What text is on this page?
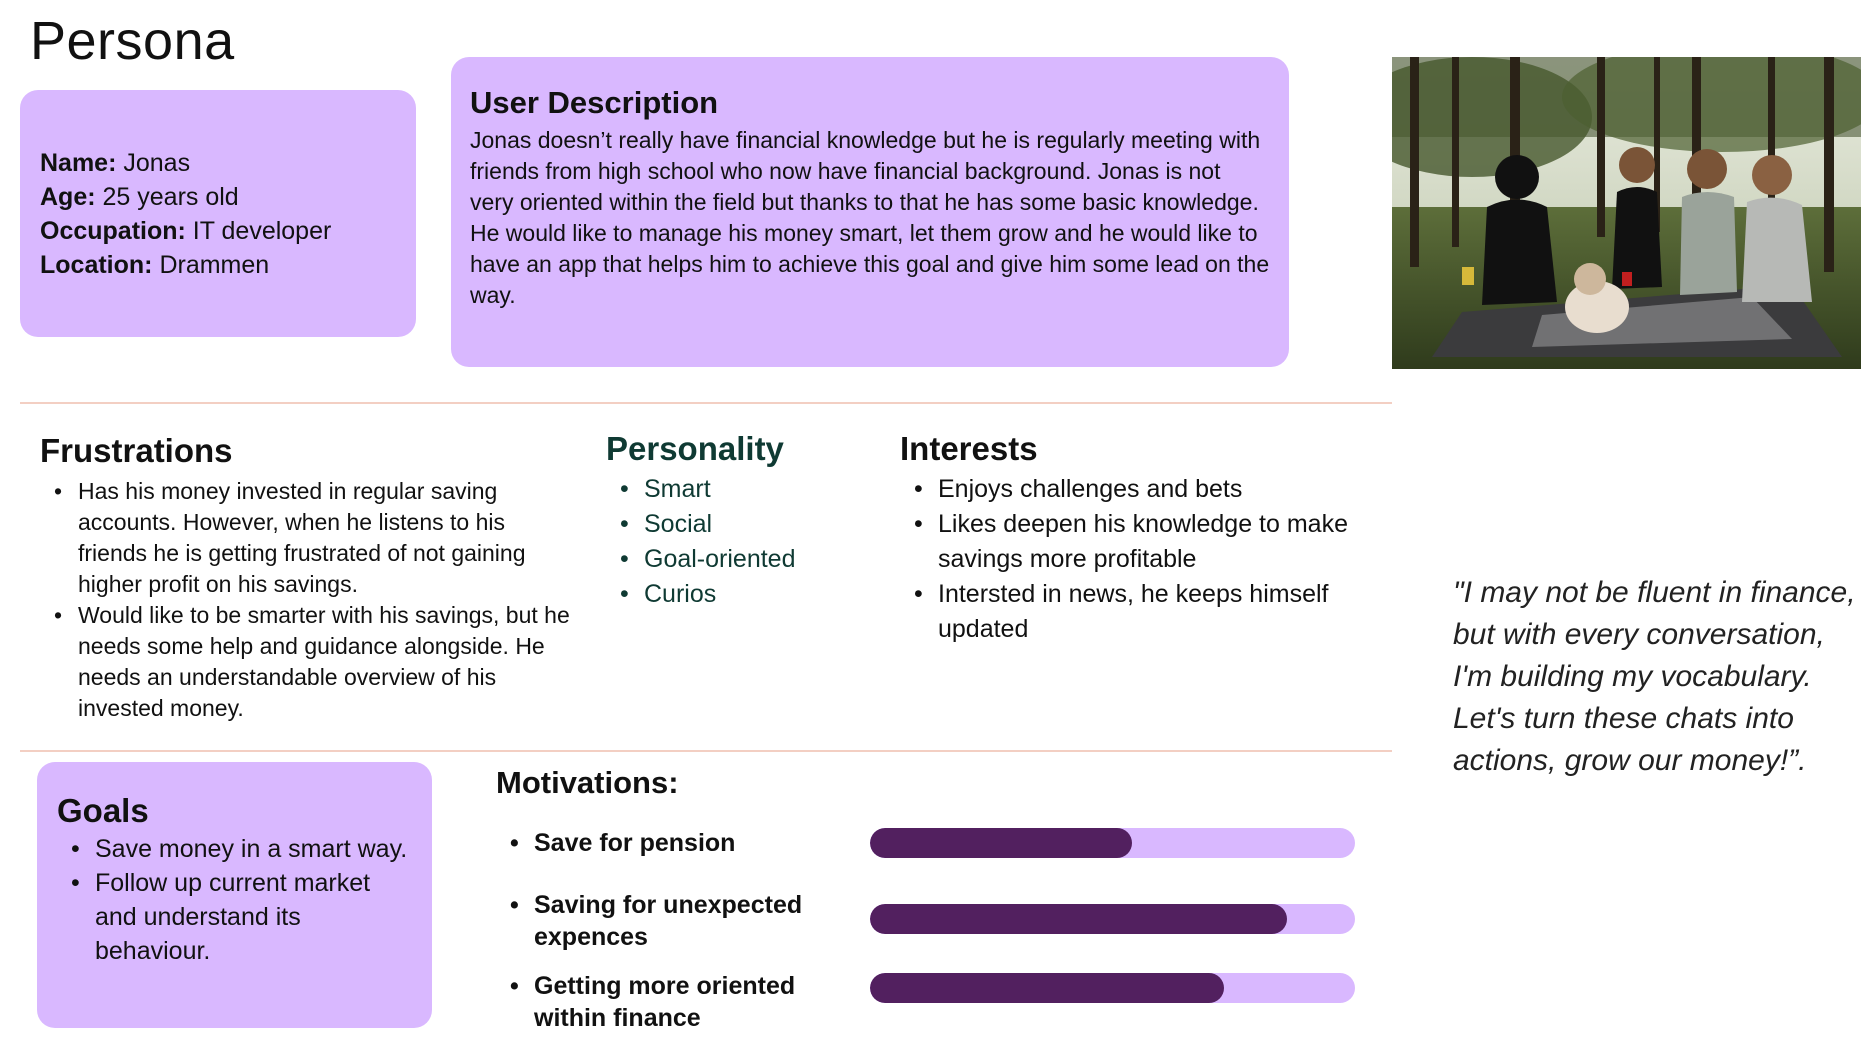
Persona
Name: Jonas
Age: 25 years old
Occupation: IT developer
Location: Drammen
User Description
Jonas doesn’t really have financial knowledge but he is regularly meeting with friends from high school who now have financial background. Jonas is not very oriented within the field but thanks to that he has some basic knowledge.
He would like to manage his money smart, let them grow and he would like to have an app that helps him to achieve this goal and give him some lead on the way.
Frustrations
• Has his money invested in regular saving accounts. However, when he listens to his friends he is getting frustrated of not gaining higher profit on his savings.
• Would like to be smarter with his savings, but he needs some help and guidance alongside. He needs an understandable overview of his invested money.
Personality
• Smart
• Social
• Goal-oriented
• Curios
Interests
• Enjoys challenges and bets
• Likes deepen his knowledge to make savings more profitable
• Intersted in news, he keeps himself updated
"I may not be fluent in finance, but with every conversation, I'm building my vocabulary. Let's turn these chats into actions, grow our money!”.
Goals
• Save money in a smart way.
• Follow up current market and understand its behaviour.
Motivations:
• Save for pension
• Saving for unexpected expences
• Getting more oriented within finance
